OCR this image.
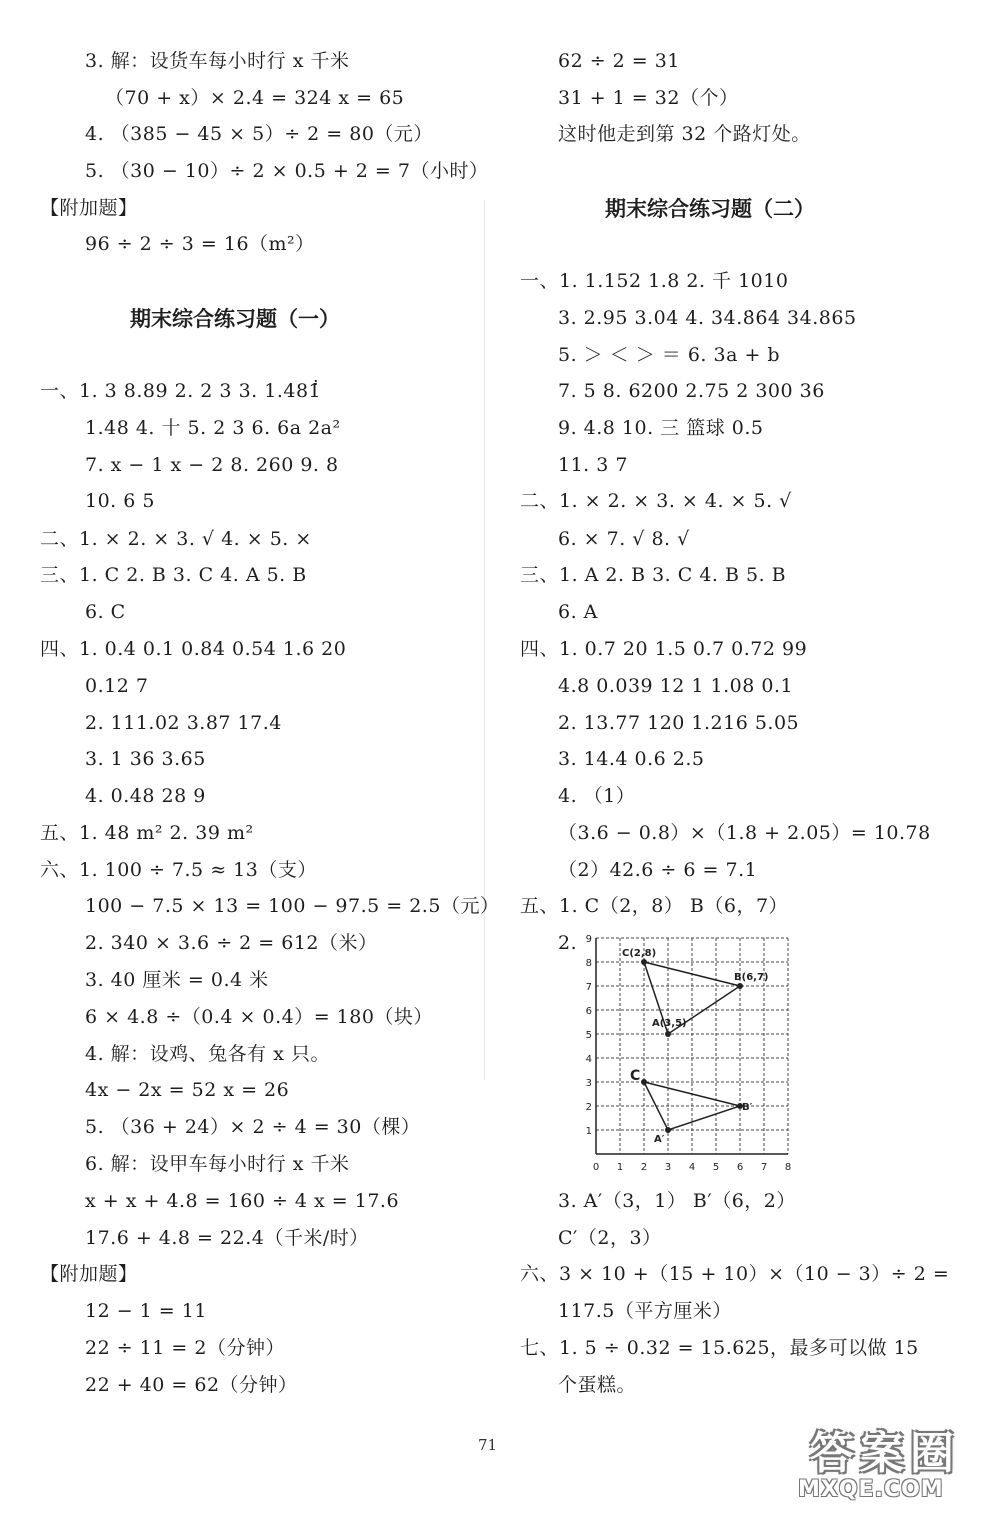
3. 解：设货车每小时行 x 千米
（70 + x）× 2.4 = 324 x = 65
4. （385 − 45 × 5）÷ 2 = 80（元）
5. （30 − 10）÷ 2 × 0.5 + 2 = 7（小时）
【附加题】
96 ÷ 2 ÷ 3 = 16（m²）
期末综合练习题（一）
一、1. 3 8.89 2. 2 3 3. 1.481̇̇
1.48 4. 十 5. 2 3 6. 6a 2a²
7. x − 1 x − 2 8. 260 9. 8
10. 6 5
二、1. × 2. × 3. √ 4. × 5. ×
三、1. C 2. B 3. C 4. A 5. B
6. C
四、1. 0.4 0.1 0.84 0.54 1.6 20
0.12 7
2. 111.02 3.87 17.4
3. 1 36 3.65
4. 0.48 28 9
五、1. 48 m² 2. 39 m²
六、1. 100 ÷ 7.5 ≈ 13（支）
100 − 7.5 × 13 = 100 − 97.5 = 2.5（元）
2. 340 × 3.6 ÷ 2 = 612（米）
3. 40 厘米 = 0.4 米
6 × 4.8 ÷（0.4 × 0.4）= 180（块）
4. 解：设鸡、兔各有 x 只。
4x − 2x = 52 x = 26
5. （36 + 24）× 2 ÷ 4 = 30（棵）
6. 解：设甲车每小时行 x 千米
x + x + 4.8 = 160 ÷ 4 x = 17.6
17.6 + 4.8 = 22.4（千米/时）
【附加题】
12 − 1 = 11
22 ÷ 11 = 2（分钟）
22 + 40 = 62（分钟）
62 ÷ 2 = 31
31 + 1 = 32（个）
这时他走到第 32 个路灯处。
期末综合练习题（二）
一、1. 1.152 1.8 2. 千 1010
3. 2.95 3.04 4. 34.8̇6̇4 34.865
5. ＞ ＜ ＞ ＝ 6. 3a + b
7. 5 8. 6200 2.75 2 300 36
9. 4.8 10. 三 篮球 0.5
11. 3 7
二、1. × 2. × 3. × 4. × 5. √
6. × 7. √ 8. √
三、1. A 2. B 3. C 4. B 5. B
6. A
四、1. 0.7 20 1.5 0.7 0.72 99
4.8 0.039 12 1 1.08 0.1
2. 13.77 120 1.216 5.05
3. 14.4 0.6 2.5
4. （1）
（3.6 − 0.8）×（1.8 + 2.05）= 10.78
（2）42.6 ÷ 6 = 7.1
五、1. C（2，8） B（6，7）
2.
3. A′（3，1） B′（6，2）
C′（2，3）
六、3 × 10 +（15 + 10）×（10 − 3）÷ 2 =
117.5（平方厘米）
七、1. 5 ÷ 0.32 = 15.625，最多可以做 15
个蛋糕。
0 1 2 3 4 5 6 7 8
1
2
3
4
5
6
7
8
9
C(2,8)
B(6,7)
A(3,5)
C
B′
A′
71	答案圈
MXQE.COM
